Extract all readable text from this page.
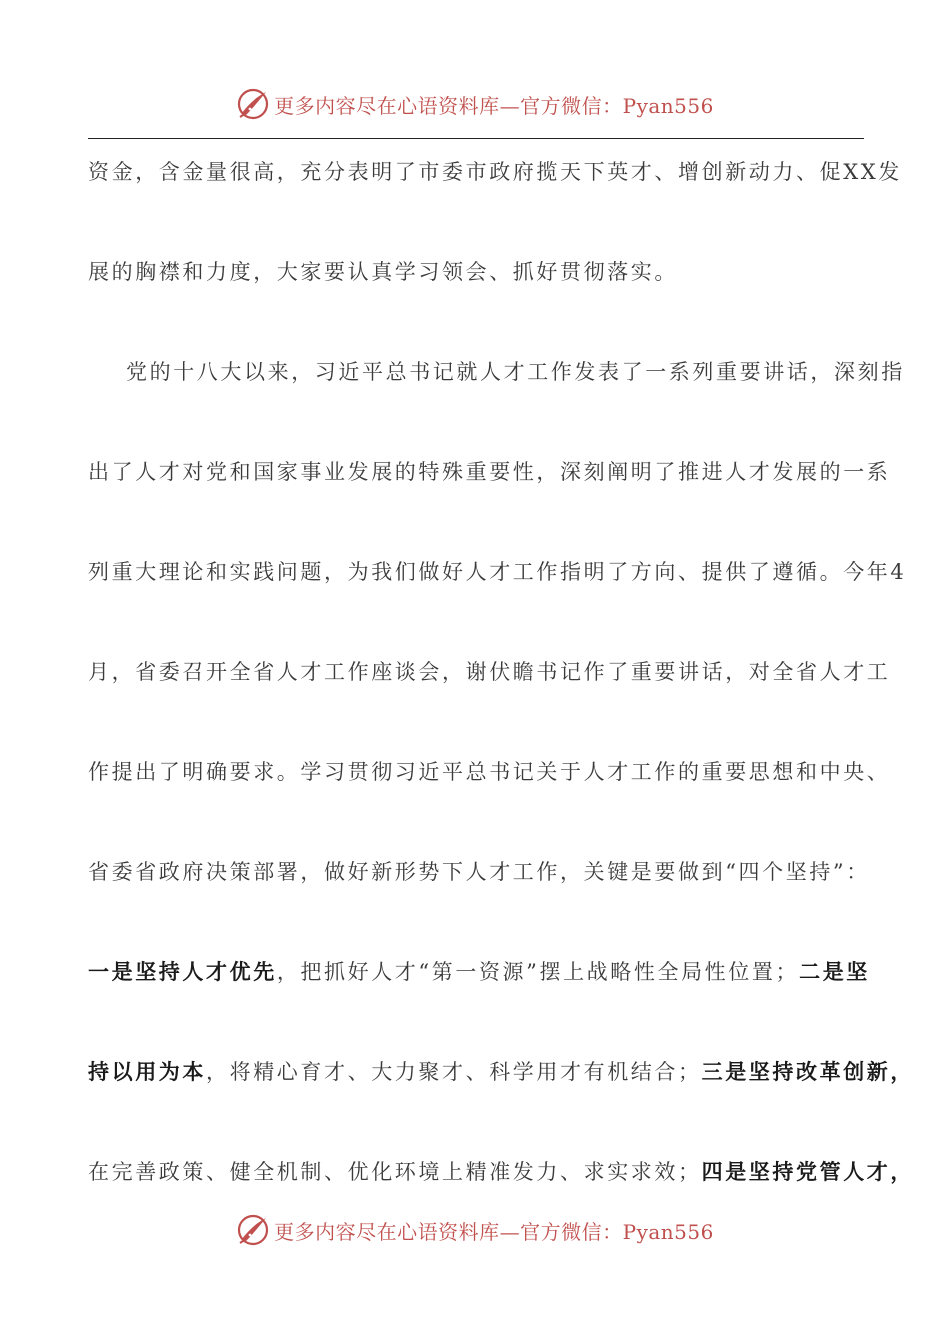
更多内容尽在心语资料库—官方微信：Pyan556
资金，含金量很高，充分表明了市委市政府揽天下英才、增创新动力、促XX发
展的胸襟和力度，大家要认真学习领会、抓好贯彻落实。
党的十八大以来，习近平总书记就人才工作发表了一系列重要讲话，深刻指
出了人才对党和国家事业发展的特殊重要性，深刻阐明了推进人才发展的一系
列重大理论和实践问题，为我们做好人才工作指明了方向、提供了遵循。今年4
月，省委召开全省人才工作座谈会，谢伏瞻书记作了重要讲话，对全省人才工
作提出了明确要求。学习贯彻习近平总书记关于人才工作的重要思想和中央、
省委省政府决策部署，做好新形势下人才工作，关键是要做到“四个坚持”：
一是坚持人才优先，把抓好人才“第一资源”摆上战略性全局性位置；二是坚
持以用为本，将精心育才、大力聚才、科学用才有机结合；三是坚持改革创新，
在完善政策、健全机制、优化环境上精准发力、求实求效；四是坚持党管人才，
更多内容尽在心语资料库—官方微信：Pyan556
